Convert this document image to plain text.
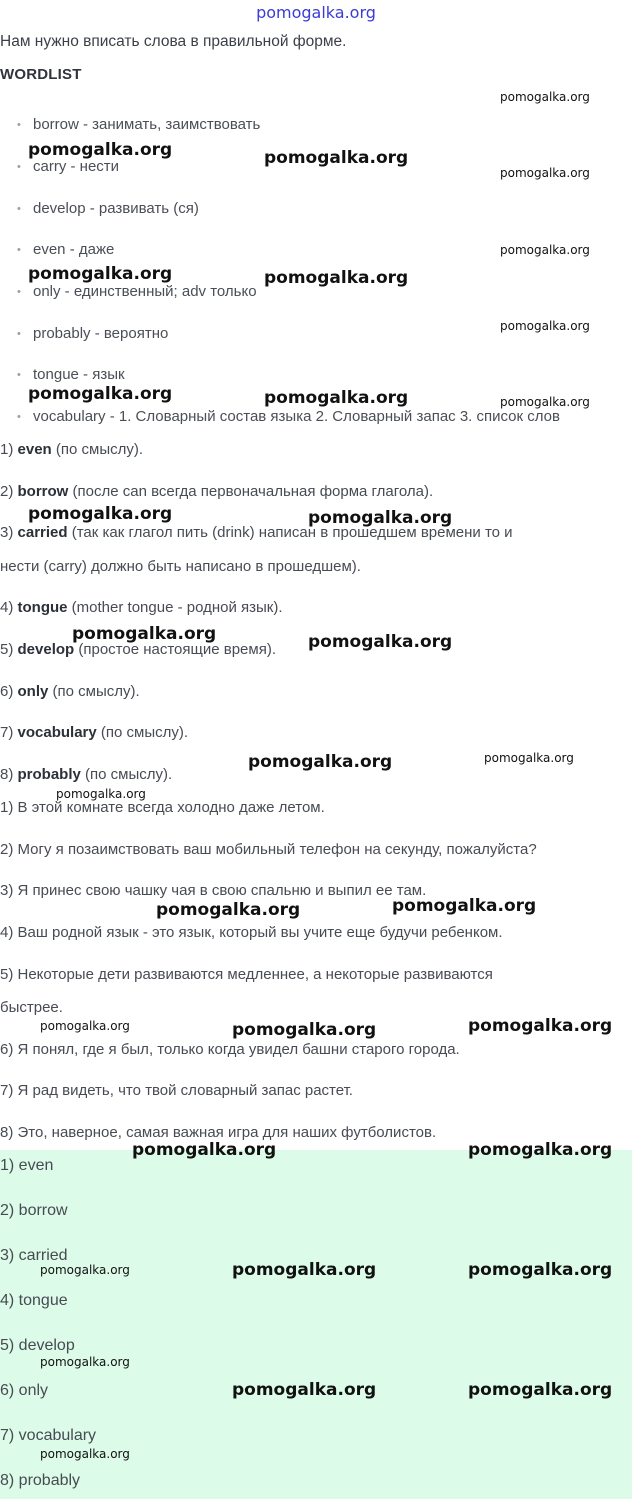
pomogalka.org
Нам нужно вписать слова в правильной форме.
WORDLIST
• borrow - занимать, заимствовать
• carry - нести
• develop - развивать (ся)
• even - даже
• only - единственный; adv только
• probably - вероятно
• tongue - язык
• vocabulary - 1. Словарный состав языка 2. Словарный запас 3. список слов
1) even (по смыслу).
2) borrow (после can всегда первоначальная форма глагола).
3) carried (так как глагол пить (drink) написан в прошедшем времени то и
нести (carry) должно быть написано в прошедшем).
4) tongue (mother tongue - родной язык).
5) develop (простое настоящие время).
6) only (по смыслу).
7) vocabulary (по смыслу).
8) probably (по смыслу).
1) В этой комнате всегда холодно даже летом.
2) Могу я позаимствовать ваш мобильный телефон на секунду, пожалуйста?
3) Я принес свою чашку чая в свою спальню и выпил ее там.
4) Ваш родной язык - это язык, который вы учите еще будучи ребенком.
5) Некоторые дети развиваются медленнее, а некоторые развиваются
быстрее.
6) Я понял, где я был, только когда увидел башни старого города.
7) Я рад видеть, что твой словарный запас растет.
8) Это, наверное, самая важная игра для наших футболистов.
1) even
2) borrow
3) carried
4) tongue
5) develop
6) only
7) vocabulary
8) probably
pomogalka.org
pomogalka.org	pomogalka.org
pomogalka.org
pomogalka.org
pomogalka.org	pomogalka.org
pomogalka.org
pomogalka.org	pomogalka.org	pomogalka.org
pomogalka.org	pomogalka.org
pomogalka.org	pomogalka.org
pomogalka.org	pomogalka.org
pomogalka.org
pomogalka.org	pomogalka.org
pomogalka.org	pomogalka.org	pomogalka.org
pomogalka.org	pomogalka.org
pomogalka.org	pomogalka.org	pomogalka.org
pomogalka.org
pomogalka.org	pomogalka.org
pomogalka.org
